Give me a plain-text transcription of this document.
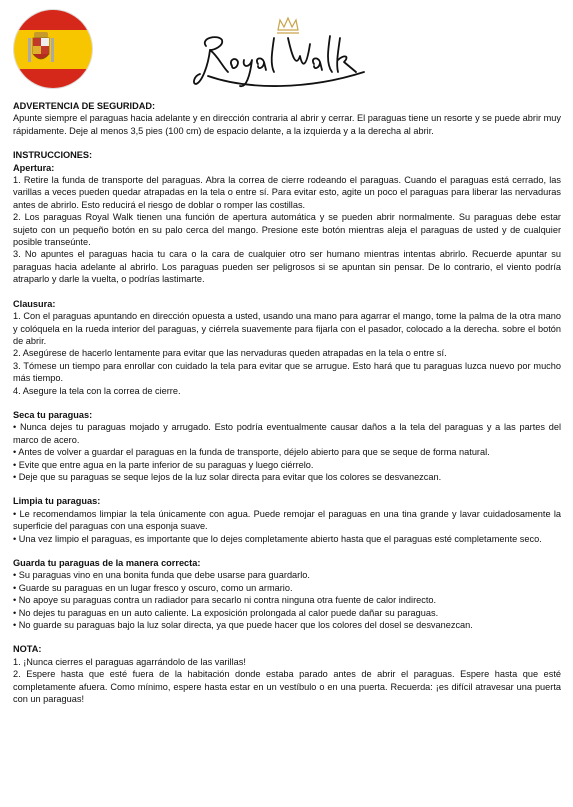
ADVERTENCIA DE SEGURIDAD:

Apunte siempre el paraguas hacia adelante y en dirección contraria al abrir y cerrar. El paraguas tiene un resorte y se puede abrir muy rápidamente. Deje al menos 3,5 pies (100 cm) de espacio delante, a la izquierda y a la derecha al abrir.

INSTRUCCIONES:

Apertura:

1. Retire la funda de transporte del paraguas. Abra la correa de cierre rodeando el paraguas. Cuando el paraguas está cerrado, las varillas a veces pueden quedar atrapadas en la tela o entre sí. Para evitar esto, agite un poco el paraguas para liberar las nervaduras antes de abrirlo. Esto reducirá el riesgo de doblar o romper las costillas.

2. Los paraguas Royal Walk tienen una función de apertura automática y se pueden abrir normalmente. Su paraguas debe estar sujeto con un pequeño botón en su palo cerca del mango. Presione este botón mientras aleja el paraguas de usted y de cualquier posible transeúnte.

3. No apuntes el paraguas hacia tu cara o la cara de cualquier otro ser humano mientras intentas abrirlo. Recuerde apuntar su paraguas hacia adelante al abrirlo. Los paraguas pueden ser peligrosos si se apuntan sin pensar. De lo contrario, el viento podría atraparlo y darle la vuelta, o podrías lastimarte.

Clausura:

1. Con el paraguas apuntando en dirección opuesta a usted, usando una mano para agarrar el mango, tome la palma de la otra mano y colóquela en la rueda interior del paraguas, y ciérrela suavemente para fijarla con el pasador, colocado a la derecha. sobre el botón de abrir.

2. Asegúrese de hacerlo lentamente para evitar que las nervaduras queden atrapadas en la tela o entre sí.

3. Tómese un tiempo para enrollar con cuidado la tela para evitar que se arrugue. Esto hará que tu paraguas luzca nuevo por mucho más tiempo.

4. Asegure la tela con la correa de cierre.

Seca tu paraguas:

• Nunca dejes tu paraguas mojado y arrugado. Esto podría eventualmente causar daños a la tela del paraguas y a las partes del marco de acero.

• Antes de volver a guardar el paraguas en la funda de transporte, déjelo abierto para que se seque de forma natural.

• Evite que entre agua en la parte inferior de su paraguas y luego ciérrelo.

• Deje que su paraguas se seque lejos de la luz solar directa para evitar que los colores se desvanezcan.

Limpia tu paraguas:

• Le recomendamos limpiar la tela únicamente con agua. Puede remojar el paraguas en una tina grande y lavar cuidadosamente la superficie del paraguas con una esponja suave.

• Una vez limpio el paraguas, es importante que lo dejes completamente abierto hasta que el paraguas esté completamente seco.

Guarda tu paraguas de la manera correcta:

• Su paraguas vino en una bonita funda que debe usarse para guardarlo.

• Guarde su paraguas en un lugar fresco y oscuro, como un armario.

• No apoye su paraguas contra un radiador para secarlo ni contra ninguna otra fuente de calor indirecto.

• No dejes tu paraguas en un auto caliente. La exposición prolongada al calor puede dañar su paraguas.

• No guarde su paraguas bajo la luz solar directa, ya que puede hacer que los colores del dosel se desvanezcan.

NOTA:

1. ¡Nunca cierres el paraguas agarrándolo de las varillas!

2. Espere hasta que esté fuera de la habitación donde estaba parado antes de abrir el paraguas. Espere hasta que esté completamente afuera. Como mínimo, espere hasta estar en un vestíbulo o en una puerta. Recuerda: ¡es difícil atravesar una puerta con un paraguas!
